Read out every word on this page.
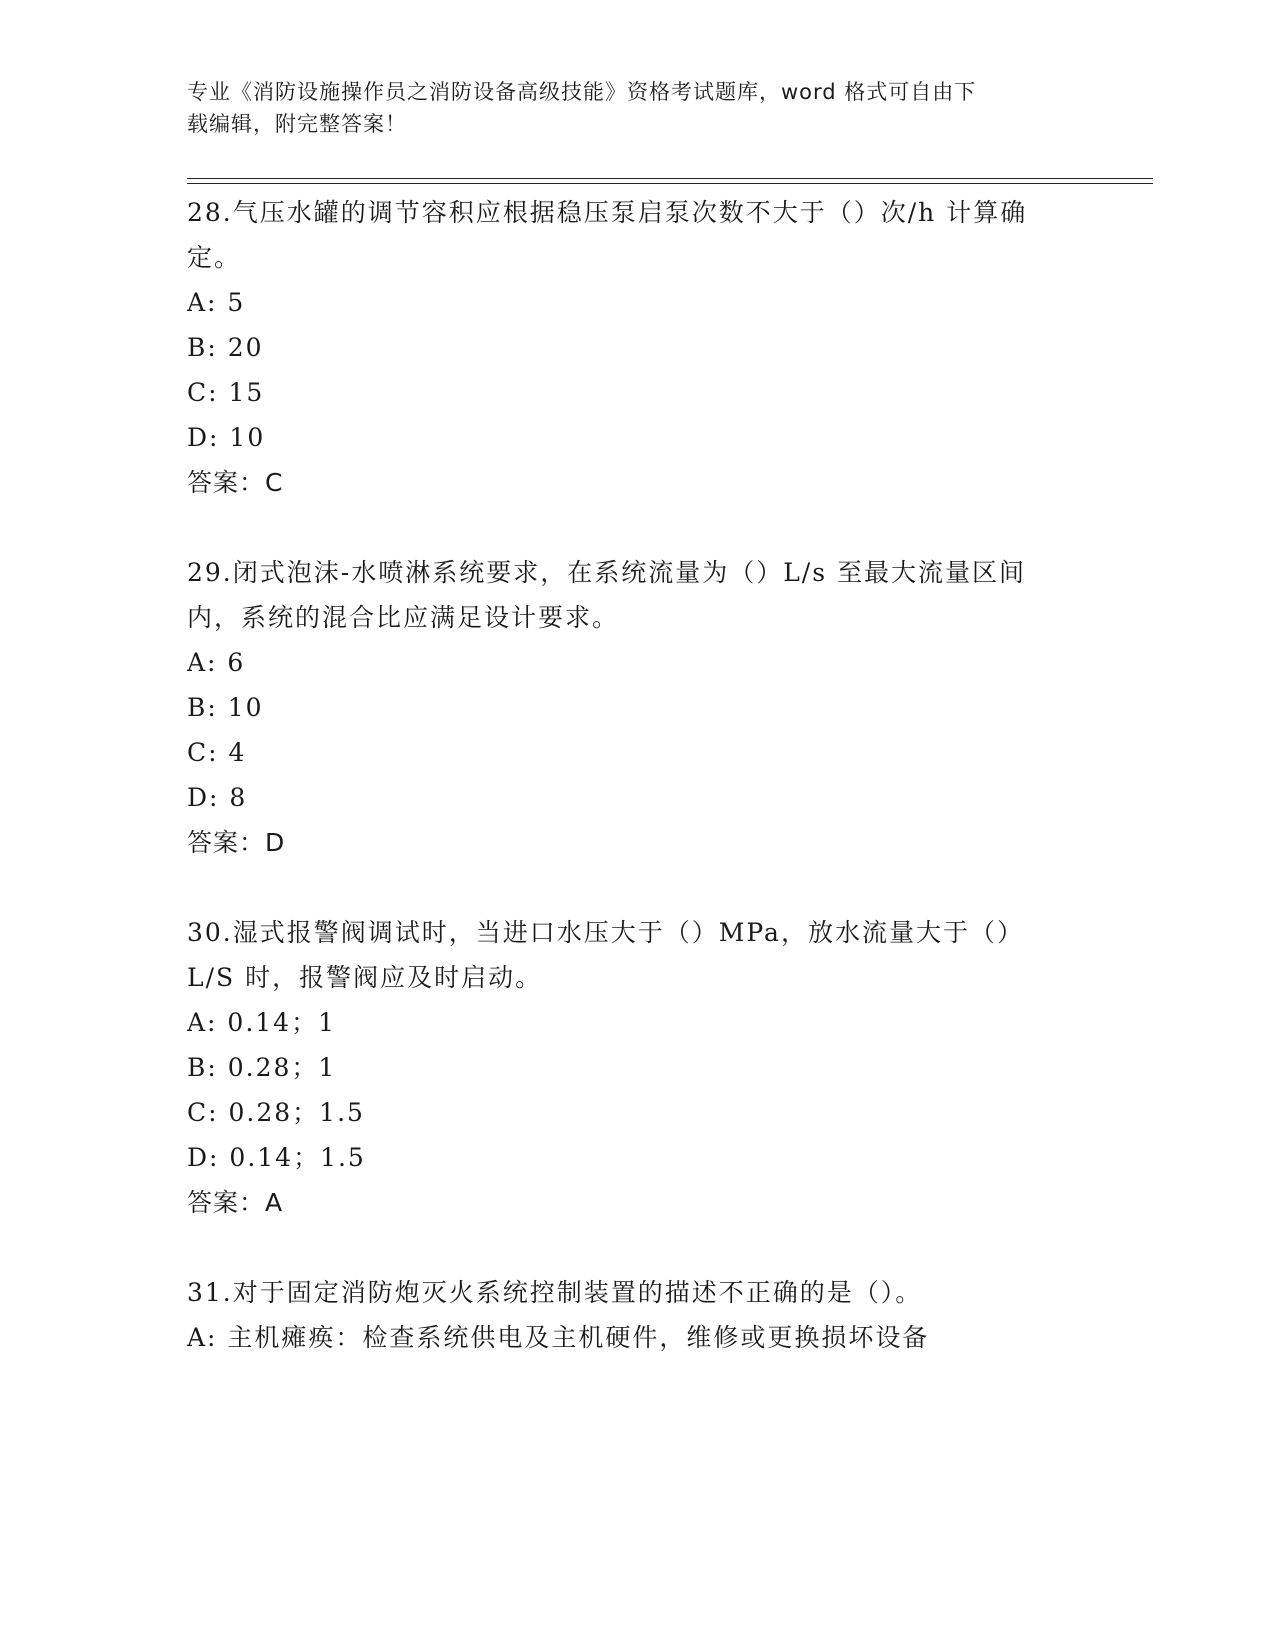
专业《消防设施操作员之消防设备高级技能》资格考试题库，word 格式可自由下
载编辑，附完整答案！
28.气压水罐的调节容积应根据稳压泵启泵次数不大于（）次/h 计算确
定。
A: 5
B: 20
C: 15
D: 10
答案：C
29.闭式泡沫-水喷淋系统要求，在系统流量为（）L/s 至最大流量区间
内，系统的混合比应满足设计要求。
A: 6
B: 10
C: 4
D: 8
答案：D
30.湿式报警阀调试时，当进口水压大于（）MPa，放水流量大于（）
L/S 时，报警阀应及时启动。
A: 0.14；1
B: 0.28；1
C: 0.28；1.5
D: 0.14；1.5
答案：A
31.对于固定消防炮灭火系统控制装置的描述不正确的是（）。
A: 主机瘫痪：检查系统供电及主机硬件，维修或更换损坏设备
